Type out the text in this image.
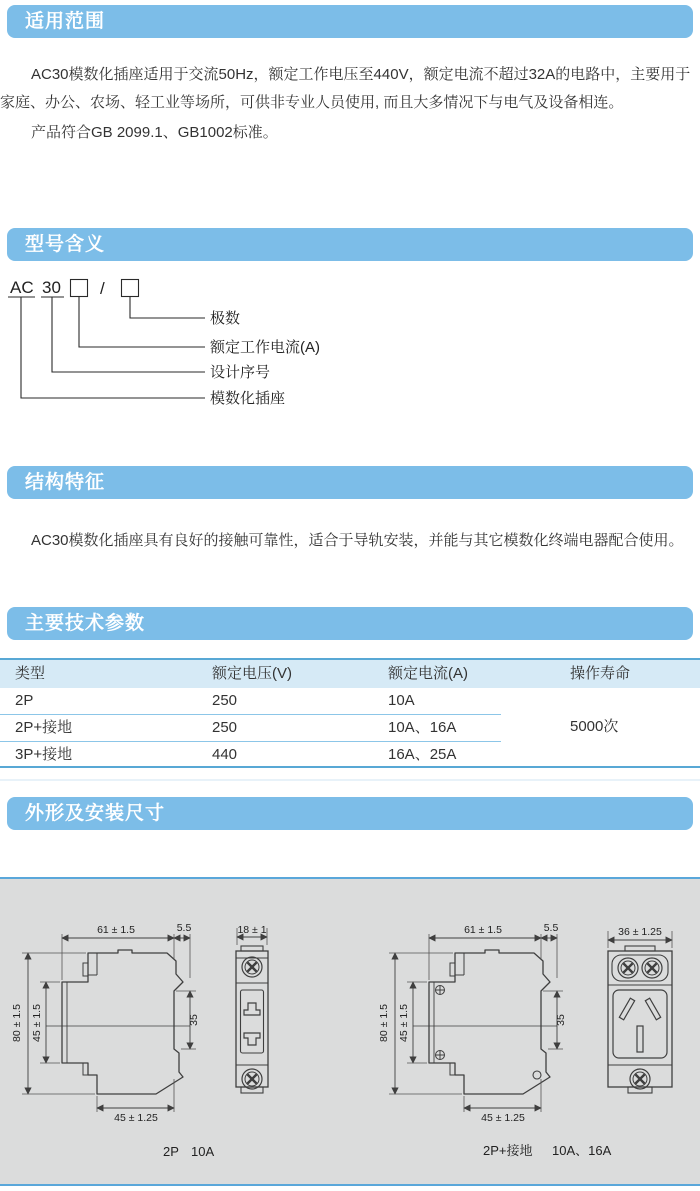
适用范围
AC30模数化插座适用于交流50Hz，额定工作电压至440V，额定电流不超过32A的电路中，主要用于家庭、办公、农场、轻工业等场所，可供非专业人员使用, 而且大多情况下与电气及设备相连。
产品符合GB 2099.1、GB1002标准。
型号含义
AC 30 /
极数
额定工作电流(A)
设计序号
模数化插座
结构特征
AC30模数化插座具有良好的接触可靠性，适合于导轨安装，并能与其它模数化终端电器配合使用。
主要技术参数
类型	额定电压(V)	额定电流(A)	操作寿命
2P	250	10A
2P+接地	250	10A、16A
3P+接地	440	16A、25A
5000次
外形及安装尺寸
18 ± 1	36 ± 1.25
2P 10A	2P+接地 10A、16A
